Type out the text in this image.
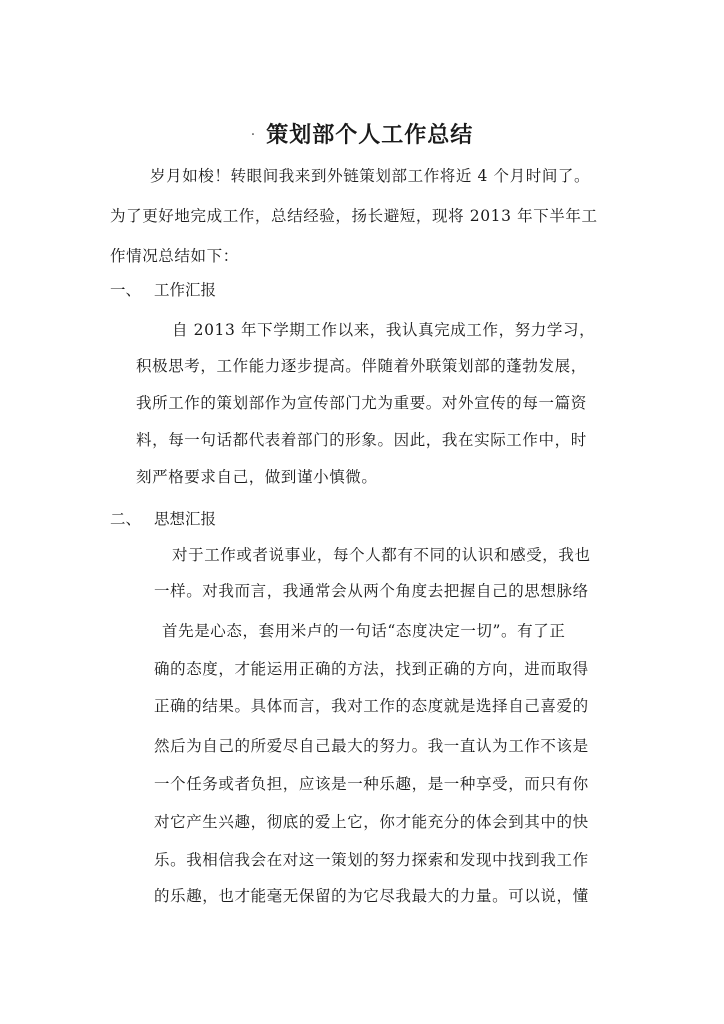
· 策划部个人工作总结
岁月如梭！转眼间我来到外链策划部工作将近 4 个月时间了。
为了更好地完成工作，总结经验，扬长避短，现将 2013 年下半年工
作情况总结如下：
一、 工作汇报
自 2013 年下学期工作以来，我认真完成工作，努力学习，
积极思考，工作能力逐步提高。伴随着外联策划部的蓬勃发展，
我所工作的策划部作为宣传部门尤为重要。对外宣传的每一篇资
料，每一句话都代表着部门的形象。因此，我在实际工作中，时
刻严格要求自己，做到谨小慎微。
二、 思想汇报
对于工作或者说事业，每个人都有不同的认识和感受，我也
一样。对我而言，我通常会从两个角度去把握自己的思想脉络
首先是心态，套用米卢的一句话“态度决定一切”。有了正
确的态度，才能运用正确的方法，找到正确的方向，进而取得
正确的结果。具体而言，我对工作的态度就是选择自己喜爱的
然后为自己的所爱尽自己最大的努力。我一直认为工作不该是
一个任务或者负担，应该是一种乐趣，是一种享受，而只有你
对它产生兴趣，彻底的爱上它，你才能充分的体会到其中的快
乐。我相信我会在对这一策划的努力探索和发现中找到我工作
的乐趣，也才能毫无保留的为它尽我最大的力量。可以说，懂
